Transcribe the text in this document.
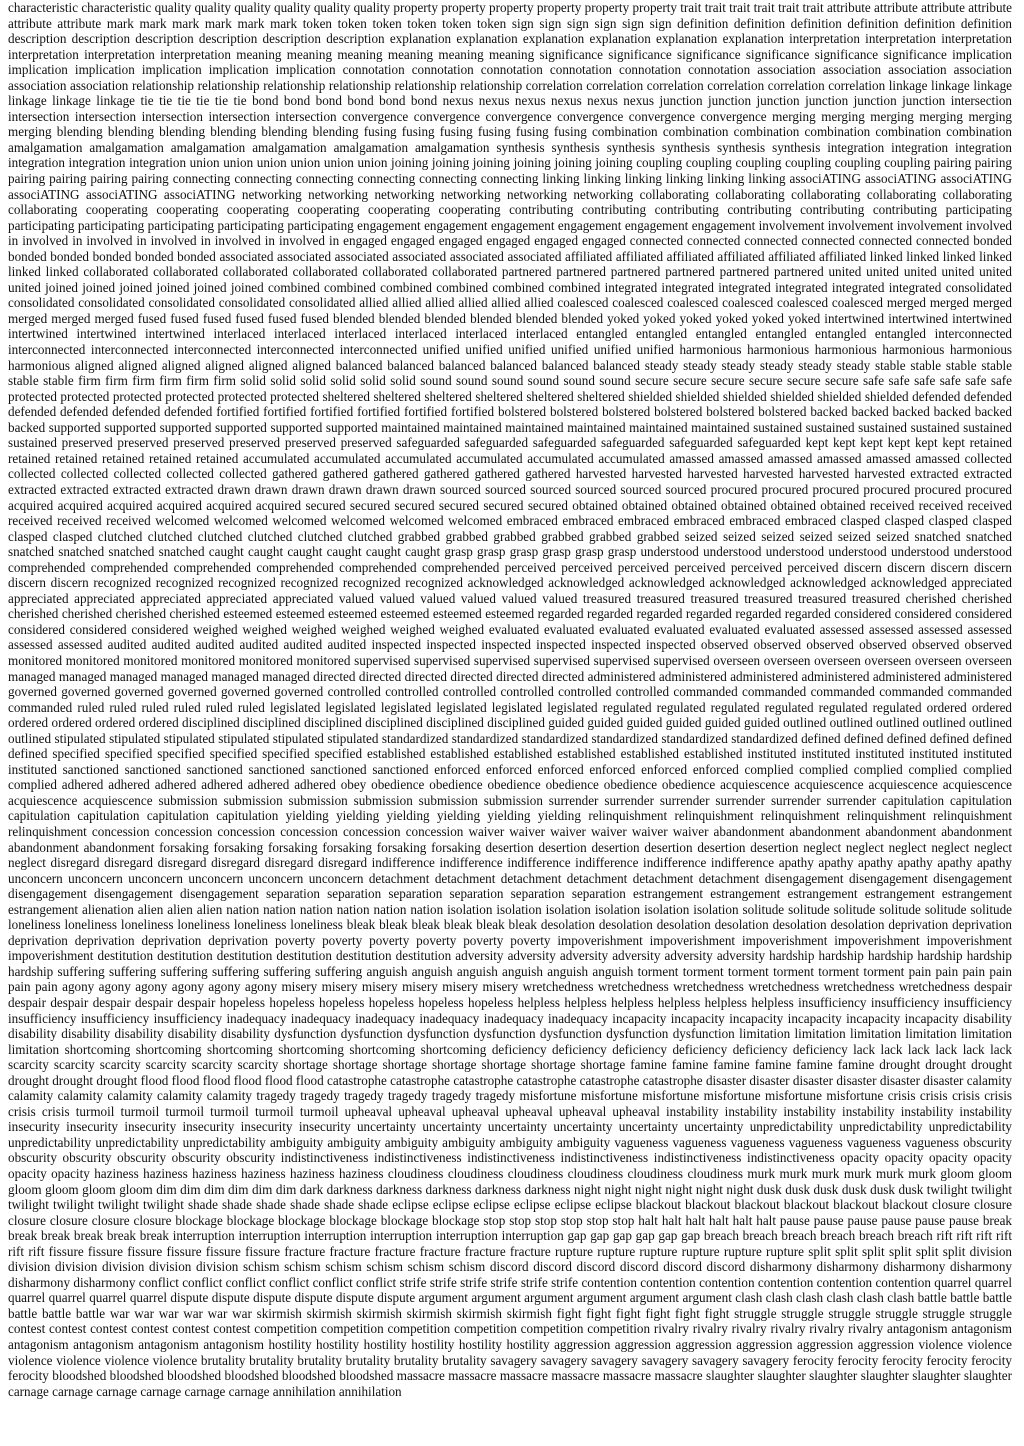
characteristic characteristic quality quality quality quality quality quality property property property property property property trait trait trait trait trait trait attribute attribute attribute attribute attribute attribute mark mark mark mark mark mark token token token token token token sign sign sign sign sign sign definition definition definition definition definition definition description description description description description description explanation explanation explanation explanation explanation explanation interpretation interpretation interpretation interpretation interpretation interpretation meaning meaning meaning meaning meaning meaning significance significance significance significance significance significance implication implication implication implication implication implication connotation connotation connotation connotation connotation connotation association association association association association association relationship relationship relationship relationship relationship relationship correlation correlation correlation correlation correlation correlation linkage linkage linkage linkage linkage linkage tie tie tie tie tie tie bond bond bond bond bond bond nexus nexus nexus nexus nexus nexus junction junction junction junction junction junction intersection intersection intersection intersection intersection intersection convergence convergence convergence convergence convergence convergence merging merging merging merging merging merging blending blending blending blending blending blending fusing fusing fusing fusing fusing fusing combination combination combination combination combination combination amalgamation amalgamation amalgamation amalgamation amalgamation amalgamation synthesis synthesis synthesis synthesis synthesis synthesis integration integration integration integration integration integration union union union union union union joining joining joining joining joining joining coupling coupling coupling coupling coupling coupling pairing pairing pairing pairing pairing pairing connecting connecting connecting connecting connecting connecting linking linking linking linking linking linking associATING associATING associATING associATING associATING associATING networking networking networking networking networking networking collaborating collaborating collaborating collaborating collaborating collaborating cooperating cooperating cooperating cooperating cooperating cooperating contributing contributing contributing contributing contributing contributing participating participating participating participating participating participating engagement engagement engagement engagement engagement engagement involvement involvement involvement involved in involved in involved in involved in involved in involved in engaged engaged engaged engaged engaged engaged connected connected connected connected connected connected bonded bonded bonded bonded bonded bonded associated associated associated associated associated associated affiliated affiliated affiliated affiliated affiliated affiliated linked linked linked linked linked linked collaborated collaborated collaborated collaborated collaborated collaborated partnered partnered partnered partnered partnered partnered united united united united united united joined joined joined joined joined joined combined combined combined combined combined combined integrated integrated integrated integrated integrated integrated consolidated consolidated consolidated consolidated consolidated consolidated allied allied allied allied allied allied coalesced coalesced coalesced coalesced coalesced coalesced merged merged merged merged merged merged fused fused fused fused fused fused blended blended blended blended blended blended yoked yoked yoked yoked yoked yoked intertwined intertwined intertwined intertwined intertwined intertwined interlaced interlaced interlaced interlaced interlaced interlaced entangled entangled entangled entangled entangled entangled interconnected interconnected interconnected interconnected interconnected interconnected unified unified unified unified unified unified harmonious harmonious harmonious harmonious harmonious harmonious aligned aligned aligned aligned aligned aligned balanced balanced balanced balanced balanced balanced steady steady steady steady steady steady stable stable stable stable stable stable firm firm firm firm firm firm solid solid solid solid solid solid sound sound sound sound sound sound secure secure secure secure secure secure safe safe safe safe safe safe protected protected protected protected protected protected sheltered sheltered sheltered sheltered sheltered sheltered shielded shielded shielded shielded shielded shielded defended defended defended defended defended defended fortified fortified fortified fortified fortified fortified bolstered bolstered bolstered bolstered bolstered bolstered backed backed backed backed backed backed supported supported supported supported supported supported maintained maintained maintained maintained maintained maintained sustained sustained sustained sustained sustained sustained preserved preserved preserved preserved preserved preserved safeguarded safeguarded safeguarded safeguarded safeguarded safeguarded kept kept kept kept kept kept retained retained retained retained retained retained accumulated accumulated accumulated accumulated accumulated accumulated amassed amassed amassed amassed amassed amassed collected collected collected collected collected collected gathered gathered gathered gathered gathered gathered harvested harvested harvested harvested harvested harvested extracted extracted extracted extracted extracted extracted drawn drawn drawn drawn drawn drawn sourced sourced sourced sourced sourced sourced procured procured procured procured procured procured acquired acquired acquired acquired acquired acquired secured secured secured secured secured secured obtained obtained obtained obtained obtained obtained received received received received received received welcomed welcomed welcomed welcomed welcomed welcomed embraced embraced embraced embraced embraced embraced clasped clasped clasped clasped clasped clasped clutched clutched clutched clutched clutched clutched grabbed grabbed grabbed grabbed grabbed grabbed seized seized seized seized seized seized snatched snatched snatched snatched snatched snatched caught caught caught caught caught caught grasp grasp grasp grasp grasp grasp understood understood understood understood understood understood comprehended comprehended comprehended comprehended comprehended comprehended perceived perceived perceived perceived perceived perceived discern discern discern discern discern discern recognized recognized recognized recognized recognized recognized acknowledged acknowledged acknowledged acknowledged acknowledged acknowledged appreciated appreciated appreciated appreciated appreciated appreciated valued valued valued valued valued valued treasured treasured treasured treasured treasured treasured cherished cherished cherished cherished cherished cherished esteemed esteemed esteemed esteemed esteemed esteemed regarded regarded regarded regarded regarded regarded considered considered considered considered considered considered weighed weighed weighed weighed weighed weighed evaluated evaluated evaluated evaluated evaluated evaluated assessed assessed assessed assessed assessed assessed audited audited audited audited audited audited inspected inspected inspected inspected inspected inspected observed observed observed observed observed observed monitored monitored monitored monitored monitored monitored supervised supervised supervised supervised supervised supervised overseen overseen overseen overseen overseen overseen managed managed managed managed managed managed directed directed directed directed directed directed administered administered administered administered administered administered governed governed governed governed governed governed controlled controlled controlled controlled controlled controlled commanded commanded commanded commanded commanded commanded ruled ruled ruled ruled ruled ruled legislated legislated legislated legislated legislated legislated regulated regulated regulated regulated regulated regulated ordered ordered ordered ordered ordered ordered disciplined disciplined disciplined disciplined disciplined disciplined guided guided guided guided guided guided outlined outlined outlined outlined outlined outlined stipulated stipulated stipulated stipulated stipulated stipulated standardized standardized standardized standardized standardized standardized defined defined defined defined defined defined specified specified specified specified specified specified established established established established established established instituted instituted instituted instituted instituted instituted sanctioned sanctioned sanctioned sanctioned sanctioned sanctioned enforced enforced enforced enforced enforced enforced complied complied complied complied complied complied adhered adhered adhered adhered adhered adhered obey obedience obedience obedience obedience obedience obedience acquiescence acquiescence acquiescence acquiescence acquiescence acquiescence submission submission submission submission submission submission surrender surrender surrender surrender surrender surrender capitulation capitulation capitulation capitulation capitulation capitulation yielding yielding yielding yielding yielding yielding relinquishment relinquishment relinquishment relinquishment relinquishment relinquishment concession concession concession concession concession concession waiver waiver waiver waiver waiver waiver abandonment abandonment abandonment abandonment abandonment abandonment forsaking forsaking forsaking forsaking forsaking forsaking desertion desertion desertion desertion desertion desertion neglect neglect neglect neglect neglect neglect disregard disregard disregard disregard disregard disregard indifference indifference indifference indifference indifference indifference apathy apathy apathy apathy apathy apathy unconcern unconcern unconcern unconcern unconcern unconcern detachment detachment detachment detachment detachment detachment disengagement disengagement disengagement disengagement disengagement disengagement separation separation separation separation separation separation estrangement estrangement estrangement estrangement estrangement estrangement alienation alien alien alien nation nation nation nation nation nation isolation isolation isolation isolation isolation isolation solitude solitude solitude solitude solitude solitude loneliness loneliness loneliness loneliness loneliness loneliness bleak bleak bleak bleak bleak bleak desolation desolation desolation desolation desolation desolation deprivation deprivation deprivation deprivation deprivation deprivation poverty poverty poverty poverty poverty poverty impoverishment impoverishment impoverishment impoverishment impoverishment impoverishment destitution destitution destitution destitution destitution destitution adversity adversity adversity adversity adversity adversity hardship hardship hardship hardship hardship hardship suffering suffering suffering suffering suffering suffering anguish anguish anguish anguish anguish anguish torment torment torment torment torment torment pain pain pain pain pain pain agony agony agony agony agony agony misery misery misery misery misery misery wretchedness wretchedness wretchedness wretchedness wretchedness wretchedness despair despair despair despair despair despair hopeless hopeless hopeless hopeless hopeless hopeless helpless helpless helpless helpless helpless helpless insufficiency insufficiency insufficiency insufficiency insufficiency insufficiency inadequacy inadequacy inadequacy inadequacy inadequacy inadequacy incapacity incapacity incapacity incapacity incapacity incapacity disability disability disability disability disability disability dysfunction dysfunction dysfunction dysfunction dysfunction dysfunction dysfunction limitation limitation limitation limitation limitation limitation shortcoming shortcoming shortcoming shortcoming shortcoming shortcoming deficiency deficiency deficiency deficiency deficiency deficiency lack lack lack lack lack lack scarcity scarcity scarcity scarcity scarcity scarcity shortage shortage shortage shortage shortage shortage shortage famine famine famine famine famine famine drought drought drought drought drought drought flood flood flood flood flood flood catastrophe catastrophe catastrophe catastrophe catastrophe catastrophe disaster disaster disaster disaster disaster disaster calamity calamity calamity calamity calamity calamity tragedy tragedy tragedy tragedy tragedy tragedy misfortune misfortune misfortune misfortune misfortune misfortune crisis crisis crisis crisis crisis crisis turmoil turmoil turmoil turmoil turmoil turmoil upheaval upheaval upheaval upheaval upheaval upheaval instability instability instability instability instability instability insecurity insecurity insecurity insecurity insecurity insecurity uncertainty uncertainty uncertainty uncertainty uncertainty uncertainty unpredictability unpredictability unpredictability unpredictability unpredictability unpredictability ambiguity ambiguity ambiguity ambiguity ambiguity ambiguity vagueness vagueness vagueness vagueness vagueness vagueness obscurity obscurity obscurity obscurity obscurity obscurity indistinctiveness indistinctiveness indistinctiveness indistinctiveness indistinctiveness indistinctiveness opacity opacity opacity opacity opacity opacity haziness haziness haziness haziness haziness haziness cloudiness cloudiness cloudiness cloudiness cloudiness cloudiness murk murk murk murk murk murk gloom gloom gloom gloom gloom gloom dim dim dim dim dim dim dark darkness darkness darkness darkness darkness night night night night night night dusk dusk dusk dusk dusk dusk twilight twilight twilight twilight twilight twilight shade shade shade shade shade shade eclipse eclipse eclipse eclipse eclipse eclipse blackout blackout blackout blackout blackout blackout closure closure closure closure closure closure blockage blockage blockage blockage blockage blockage stop stop stop stop stop stop halt halt halt halt halt halt pause pause pause pause pause pause break break break break break break interruption interruption interruption interruption interruption interruption gap gap gap gap gap gap breach breach breach breach breach breach rift rift rift rift rift rift fissure fissure fissure fissure fissure fissure fracture fracture fracture fracture fracture fracture rupture rupture rupture rupture rupture rupture split split split split split split division division division division division division schism schism schism schism schism schism discord discord discord discord discord discord disharmony disharmony disharmony disharmony disharmony disharmony conflict conflict conflict conflict conflict conflict strife strife strife strife strife strife contention contention contention contention contention contention quarrel quarrel quarrel quarrel quarrel quarrel dispute dispute dispute dispute dispute dispute argument argument argument argument argument argument clash clash clash clash clash clash battle battle battle battle battle battle war war war war war war skirmish skirmish skirmish skirmish skirmish skirmish fight fight fight fight fight fight struggle struggle struggle struggle struggle struggle contest contest contest contest contest contest competition competition competition competition competition competition rivalry rivalry rivalry rivalry rivalry rivalry antagonism antagonism antagonism antagonism antagonism antagonism hostility hostility hostility hostility hostility hostility aggression aggression aggression aggression aggression aggression violence violence violence violence violence violence brutality brutality brutality brutality brutality brutality savagery savagery savagery savagery savagery savagery ferocity ferocity ferocity ferocity ferocity ferocity bloodshed bloodshed bloodshed bloodshed bloodshed bloodshed massacre massacre massacre massacre massacre massacre slaughter slaughter slaughter slaughter slaughter slaughter carnage carnage carnage carnage carnage carnage annihilation annihilation
